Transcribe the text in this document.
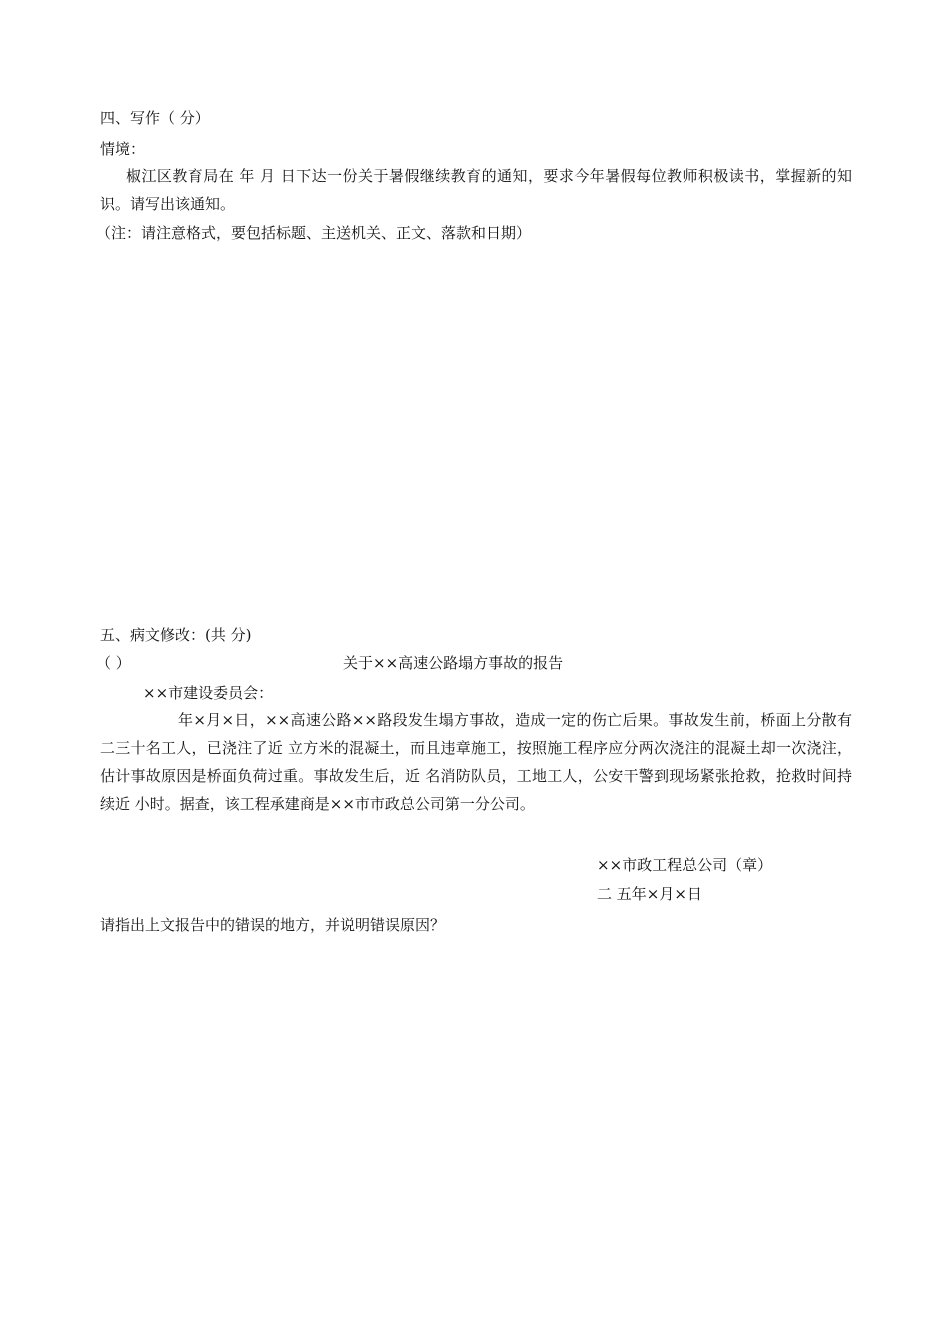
四、写作（ 分）
情境：
椒江区教育局在 年 月 日下达一份关于暑假继续教育的通知，要求今年暑假每位教师积极读书，掌握新的知识。请写出该通知。
（注：请注意格式，要包括标题、主送机关、正文、落款和日期）
五、病文修改：(共 分)
（ ）	关于××高速公路塌方事故的报告
××市建设委员会：
年×月×日，××高速公路××路段发生塌方事故，造成一定的伤亡后果。事故发生前，桥面上分散有二三十名工人，已浇注了近 立方米的混凝土，而且违章施工，按照施工程序应分两次浇注的混凝土却一次浇注，估计事故原因是桥面负荷过重。事故发生后，近 名消防队员，工地工人，公安干警到现场紧张抢救，抢救时间持续近 小时。据查，该工程承建商是××市市政总公司第一分公司。
××市政工程总公司（章）
二 五年×月×日
请指出上文报告中的错误的地方，并说明错误原因？
